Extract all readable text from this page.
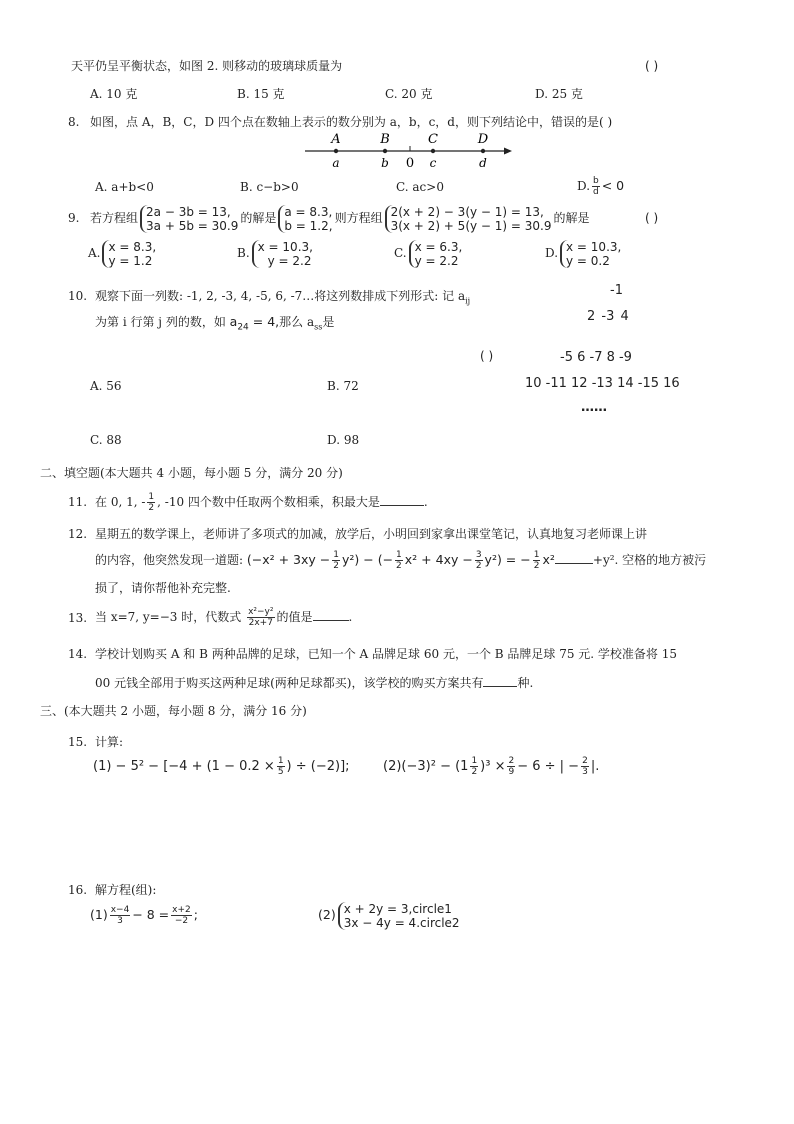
天平仍呈平衡状态，如图 2. 则移动的玻璃球质量为	( )
A. 10 克	B. 15 克	C. 20 克	D. 25 克
8. 如图，点 A，B，C，D 四个点在数轴上表示的数分别为 a，b，c，d，则下列结论中，错误的是( )
A	B	C	D
a	b 0 c	d
A. a+b<0	B. c−b>0	C. ac>0	D. $\frac{b}{d} < 0$
9. 若方程组 2a − 3b = 13,
3a + 5b = 30.9
的解是 a = 8.3,
b = 1.2,
则方程组 2(x + 2) − 3(y − 1) = 13,
3(x + 2) + 5(y − 1) = 30.9
的解是	( )
A. x = 8.3,
y = 1.2
B. x = 10.3,
y = 2.2
C. x = 6.3,
y = 2.2
D. x = 10.3,
y = 0.2
10. 观察下面一列数: -1, 2, -3, 4, -5, 6, -7…将这列数排成下列形式: 记 $a_{ij}$
为第 i 行第 j 列的数，如 $a_{24} = 4$,那么 $a_{ss}$是
( )
-1
2 -3 4
-5 6 -7 8 -9
10 -11 12 -13 14 -15 16
……
A. 56	B. 72
C. 88	D. 98
二、填空题(本大题共 4 小题，每小题 5 分，满分 20 分)
11. 在 0, 1, - $\frac{1}{2}$ , -10 四个数中任取两个数相乘，积最大是	.
12. 星期五的数学课上，老师讲了多项式的加减，放学后，小明回到家拿出课堂笔记，认真地复习老师课上讲
的内容，他突然发现一道题: $(-x^2 + 3xy - \frac{1}{2} y^2)$ − (− $\frac{1}{2} x^2 + 4xy - \frac{3}{2} y^2$) = − $\frac{1}{2} x^2$	+y². 空格的地方被污
损了，请你帮他补充完整.
13. 当 x=7, y=−3 时，代数式 $\frac{\text{x²−y²}}{2x+7}$ 的值是	.
14. 学校计划购买 A 和 B 两种品牌的足球，已知一个 A 品牌足球 60 元，一个 B 品牌足球 75 元. 学校准备将 15
00 元钱全部用于购买这两种足球(两种足球都买)，该学校的购买方案共有	种.
三、(本大题共 2 小题，每小题 8 分，满分 16 分)
15. 计算:
$(1) - 5^2 - [-4 + (1 - 0.2 \times \frac{1}{5}$ ) ÷ (−2)];	$(2)(-3)^2 - (1 \frac{1}{2} )^3 \times \frac{2}{9} - 6$ ÷ | − $\frac{2}{3}$ |.
16. 解方程(组):
$(1) \frac{x-4}{3} - 8 = \frac{x+2}{-2}$ ;	(2) x + 2y = 3,circle1
3x − 4y = 4.circle2
